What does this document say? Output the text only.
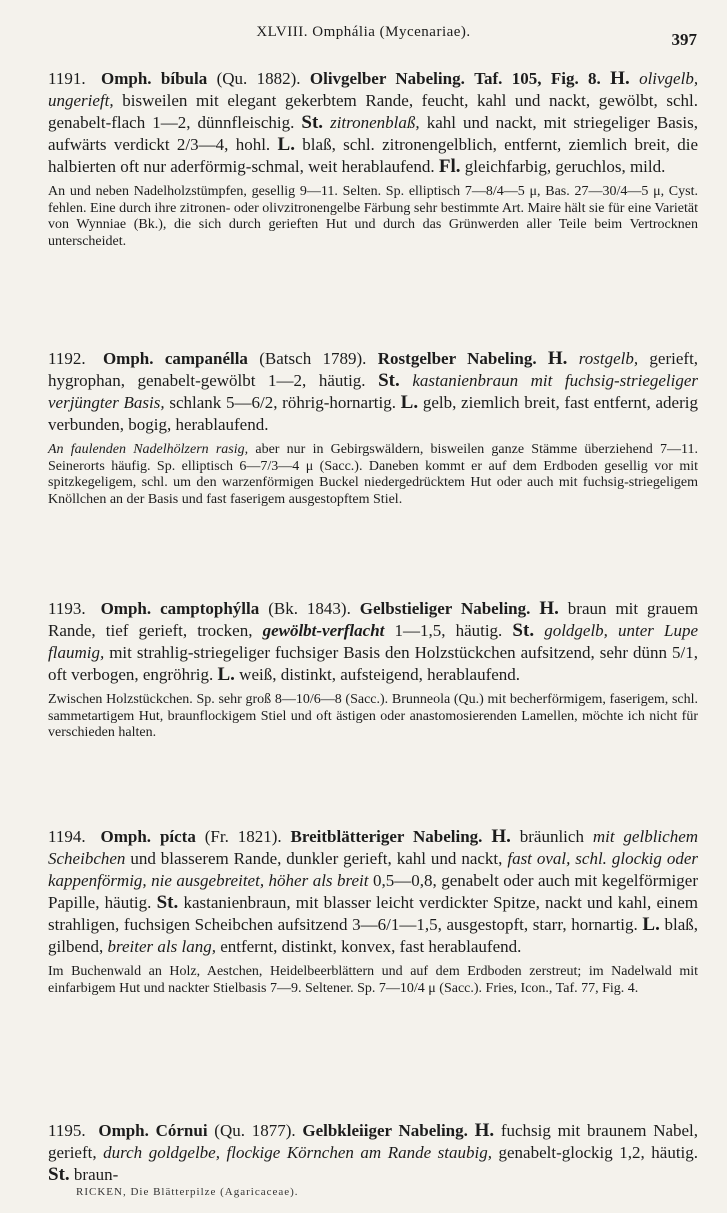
XLVIII. Omphália (Mycenariae).	397

1191. Omph. bíbula (Qu. 1882). Olivgelber Nabeling. Taf. 105, Fig. 8. H. olivgelb, ungerieft, bisweilen mit elegant gekerbtem Rande, feucht, kahl und nackt, gewölbt, schl. genabelt-flach 1—2, dünnfleischig. St. zitronenblaß, kahl und nackt, mit striegeliger Basis, aufwärts verdickt 2/3—4, hohl. L. blaß, schl. zitronengelblich, entfernt, ziemlich breit, die halbierten oft nur aderförmig-schmal, weit herablaufend. Fl. gleichfarbig, geruchlos, mild.

An und neben Nadelholzstümpfen, gesellig 9—11. Selten. Sp. elliptisch 7—8/4—5 μ, Bas. 27—30/4—5 μ, Cyst. fehlen. Eine durch ihre zitronen- oder olivzitronengelbe Färbung sehr bestimmte Art. Maire hält sie für eine Varietät von Wynniae (Bk.), die sich durch gerieften Hut und durch das Grünwerden aller Teile beim Vertrocknen unterscheidet.

1192. Omph. campanélla (Batsch 1789). Rostgelber Nabeling. H. rostgelb, gerieft, hygrophan, genabelt-gewölbt 1—2, häutig. St. kastanienbraun mit fuchsig-striegeliger verjüngter Basis, schlank 5—6/2, röhrig-hornartig. L. gelb, ziemlich breit, fast entfernt, aderig verbunden, bogig, herablaufend.

An faulenden Nadelhölzern rasig, aber nur in Gebirgswäldern, bisweilen ganze Stämme überziehend 7—11. Seinerorts häufig. Sp. elliptisch 6—7/3—4 μ (Sacc.). Daneben kommt er auf dem Erdboden gesellig vor mit spitzkegeligem, schl. um den warzenförmigen Buckel niedergedrücktem Hut oder auch mit fuchsig-striegeligem Knöllchen an der Basis und fast faserigem ausgestopftem Stiel.

1193. Omph. camptophýlla (Bk. 1843). Gelbstieliger Nabeling. H. braun mit grauem Rande, tief gerieft, trocken, gewölbt-verflacht 1—1,5, häutig. St. goldgelb, unter Lupe flaumig, mit strahlig-striegeliger fuchsiger Basis den Holzstückchen aufsitzend, sehr dünn 5/1, oft verbogen, engröhrig. L. weiß, distinkt, aufsteigend, herablaufend.

Zwischen Holzstückchen. Sp. sehr groß 8—10/6—8 (Sacc.). Brunneola (Qu.) mit becherförmigem, faserigem, schl. sammetartigem Hut, braunflockigem Stiel und oft ästigen oder anastomosierenden Lamellen, möchte ich nicht für verschieden halten.

1194. Omph. pícta (Fr. 1821). Breitblätteriger Nabeling. H. bräunlich mit gelblichem Scheibchen und blasserem Rande, dunkler gerieft, kahl und nackt, fast oval, schl. glockig oder kappenförmig, nie ausgebreitet, höher als breit 0,5—0,8, genabelt oder auch mit kegelförmiger Papille, häutig. St. kastanienbraun, mit blasser leicht verdickter Spitze, nackt und kahl, einem strahligen, fuchsigen Scheibchen aufsitzend 3—6/1—1,5, ausgestopft, starr, hornartig. L. blaß, gilbend, breiter als lang, entfernt, distinkt, konvex, fast herablaufend.

Im Buchenwald an Holz, Aestchen, Heidelbeerblättern und auf dem Erdboden zerstreut; im Nadelwald mit einfarbigem Hut und nackter Stielbasis 7—9. Seltener. Sp. 7—10/4 μ (Sacc.). Fries, Icon., Taf. 77, Fig. 4.

1195. Omph. Córnui (Qu. 1877). Gelbkleiiger Nabeling. H. fuchsig mit braunem Nabel, gerieft, durch goldgelbe, flockige Körnchen am Rande staubig, genabelt-glockig 1,2, häutig. St. braun-

RICKEN, Die Blätterpilze (Agaricaceae).
